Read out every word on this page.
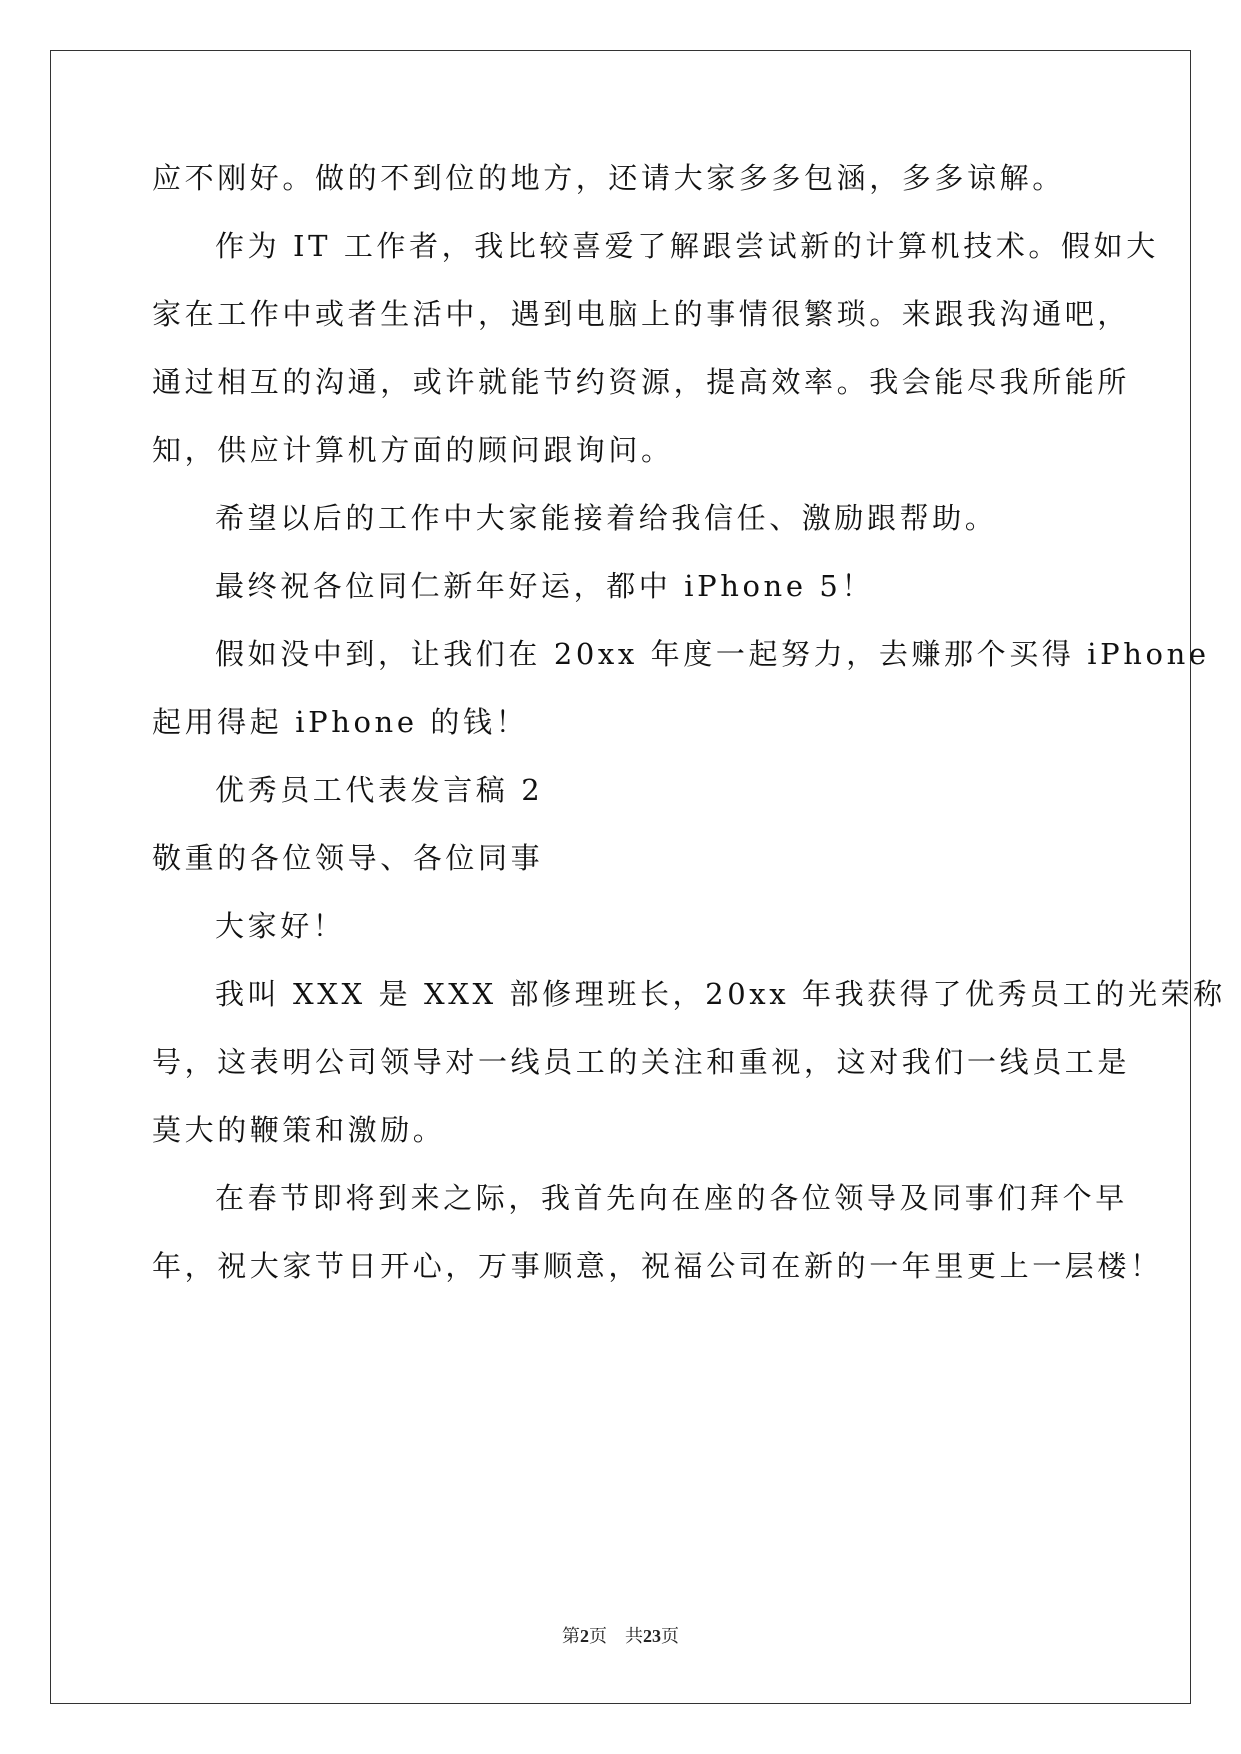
应不刚好。做的不到位的地方，还请大家多多包涵，多多谅解。
作为 IT 工作者，我比较喜爱了解跟尝试新的计算机技术。假如大
家在工作中或者生活中，遇到电脑上的事情很繁琐。来跟我沟通吧，
通过相互的沟通，或许就能节约资源，提高效率。我会能尽我所能所
知，供应计算机方面的顾问跟询问。
希望以后的工作中大家能接着给我信任、激励跟帮助。
最终祝各位同仁新年好运，都中 iPhone 5！
假如没中到，让我们在 20xx 年度一起努力，去赚那个买得 iPhone
起用得起 iPhone 的钱！
优秀员工代表发言稿 2
敬重的各位领导、各位同事
大家好！
我叫 XXX 是 XXX 部修理班长，20xx 年我获得了优秀员工的光荣称
号，这表明公司领导对一线员工的关注和重视，这对我们一线员工是
莫大的鞭策和激励。
在春节即将到来之际，我首先向在座的各位领导及同事们拜个早
年，祝大家节日开心，万事顺意，祝福公司在新的一年里更上一层楼！
第2页 共23页
